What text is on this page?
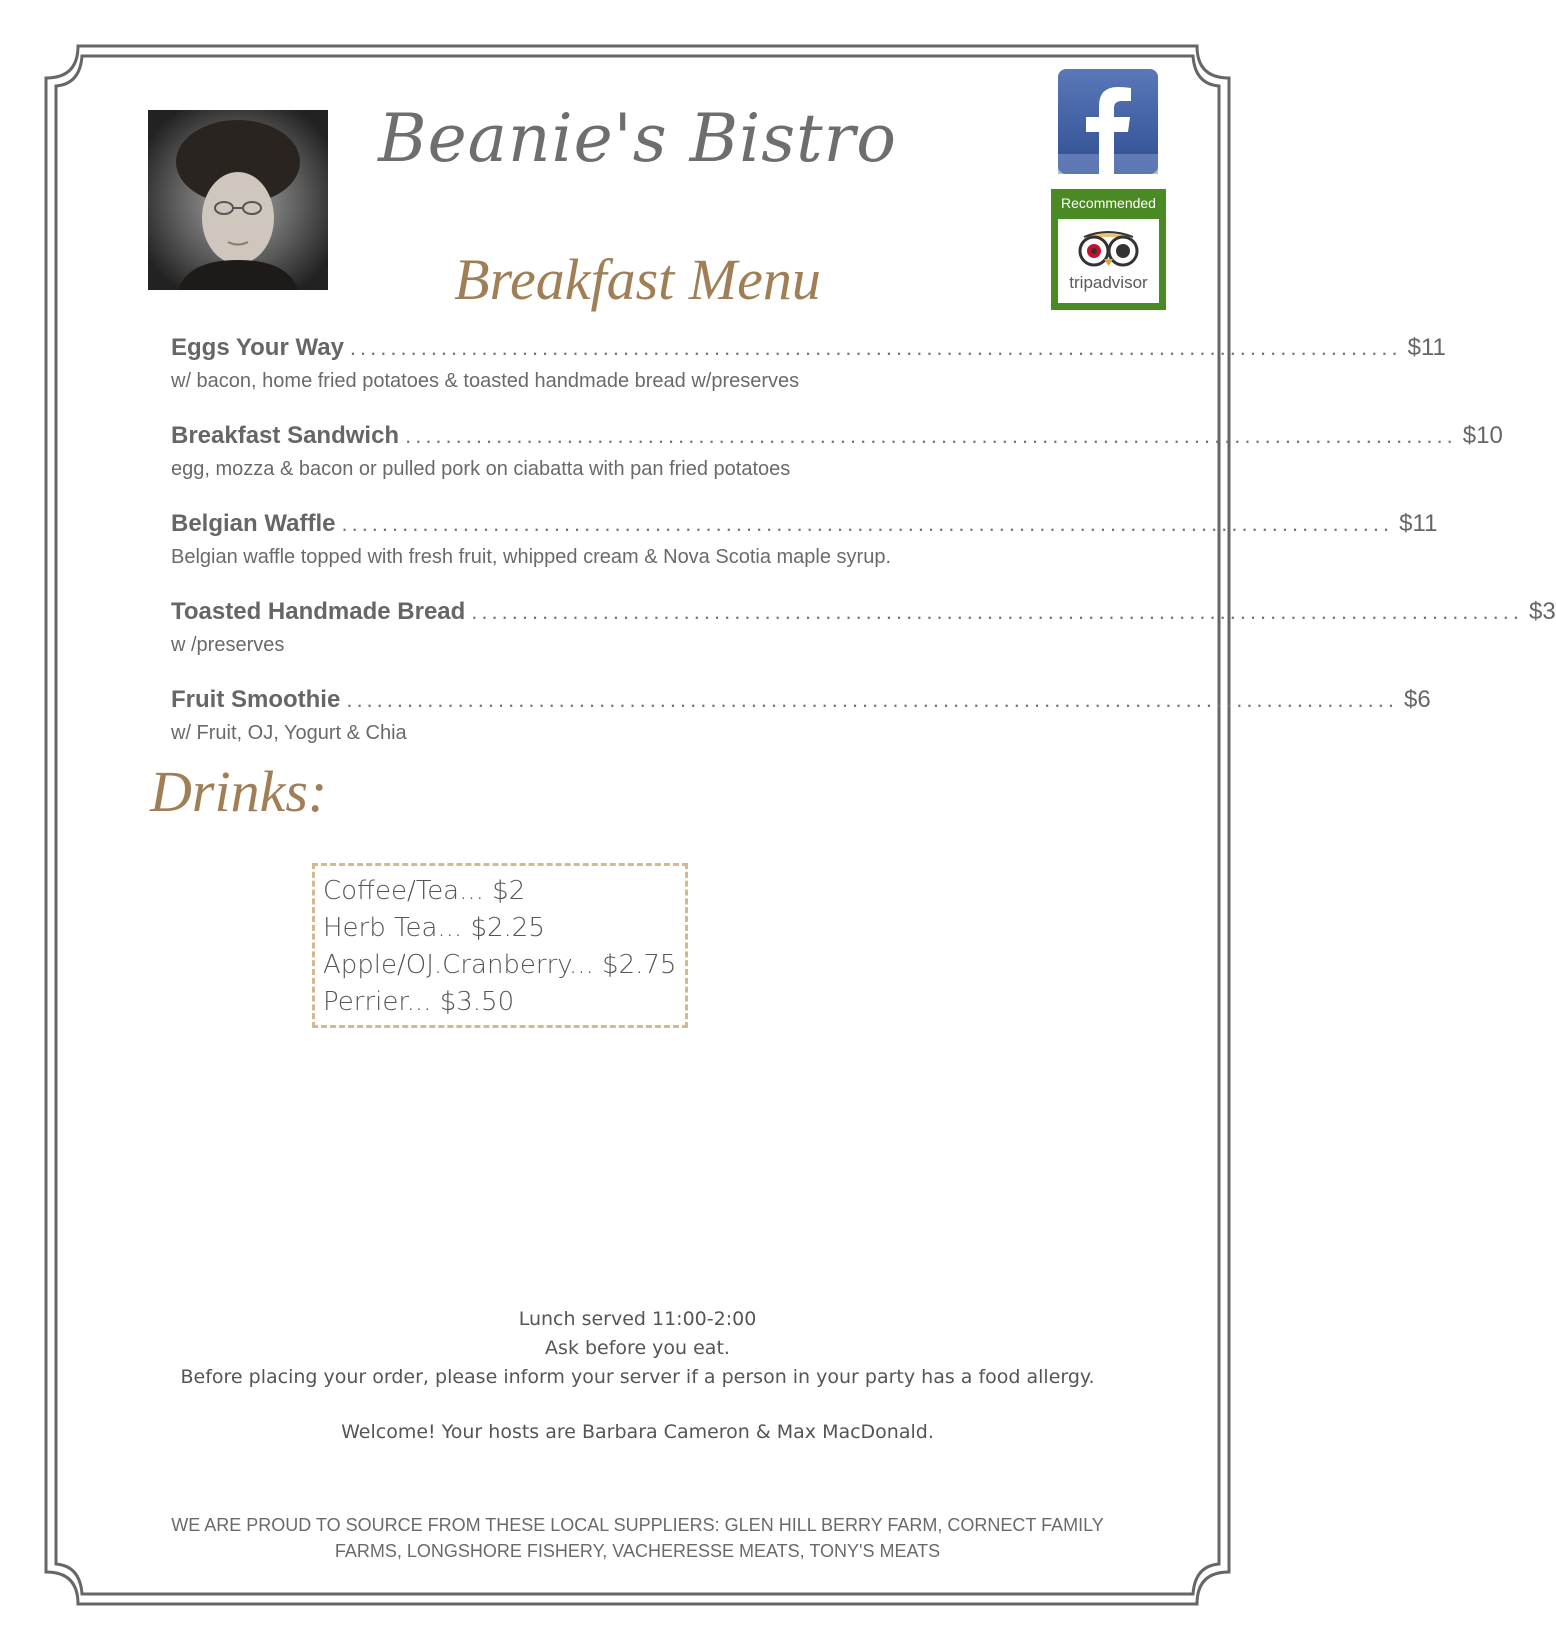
Beanie's Bistro
Breakfast Menu
Recommended
tripadvisor
Eggs Your Way ........................................................................................................ $11
w/ bacon, home fried potatoes & toasted handmade bread w/preserves
Breakfast Sandwich ........................................................................................................ $10
egg, mozza & bacon or pulled pork on ciabatta with pan fried potatoes
Belgian Waffle ........................................................................................................ $11
Belgian waffle topped with fresh fruit, whipped cream & Nova Scotia maple syrup.
Toasted Handmade Bread ........................................................................................................ $3
w /preserves
Fruit Smoothie ........................................................................................................ $6
w/ Fruit, OJ, Yogurt & Chia
Drinks:
Coffee/Tea... $2
Herb Tea... $2.25
Apple/OJ.Cranberry... $2.75
Perrier... $3.50
Lunch served 11:00-2:00
Ask before you eat.
Before placing your order, please inform your server if a person in your party has a food allergy.
Welcome! Your hosts are Barbara Cameron & Max MacDonald.
WE ARE PROUD TO SOURCE FROM THESE LOCAL SUPPLIERS: GLEN HILL BERRY FARM, CORNECT FAMILY
FARMS, LONGSHORE FISHERY, VACHERESSE MEATS, TONY'S MEATS
